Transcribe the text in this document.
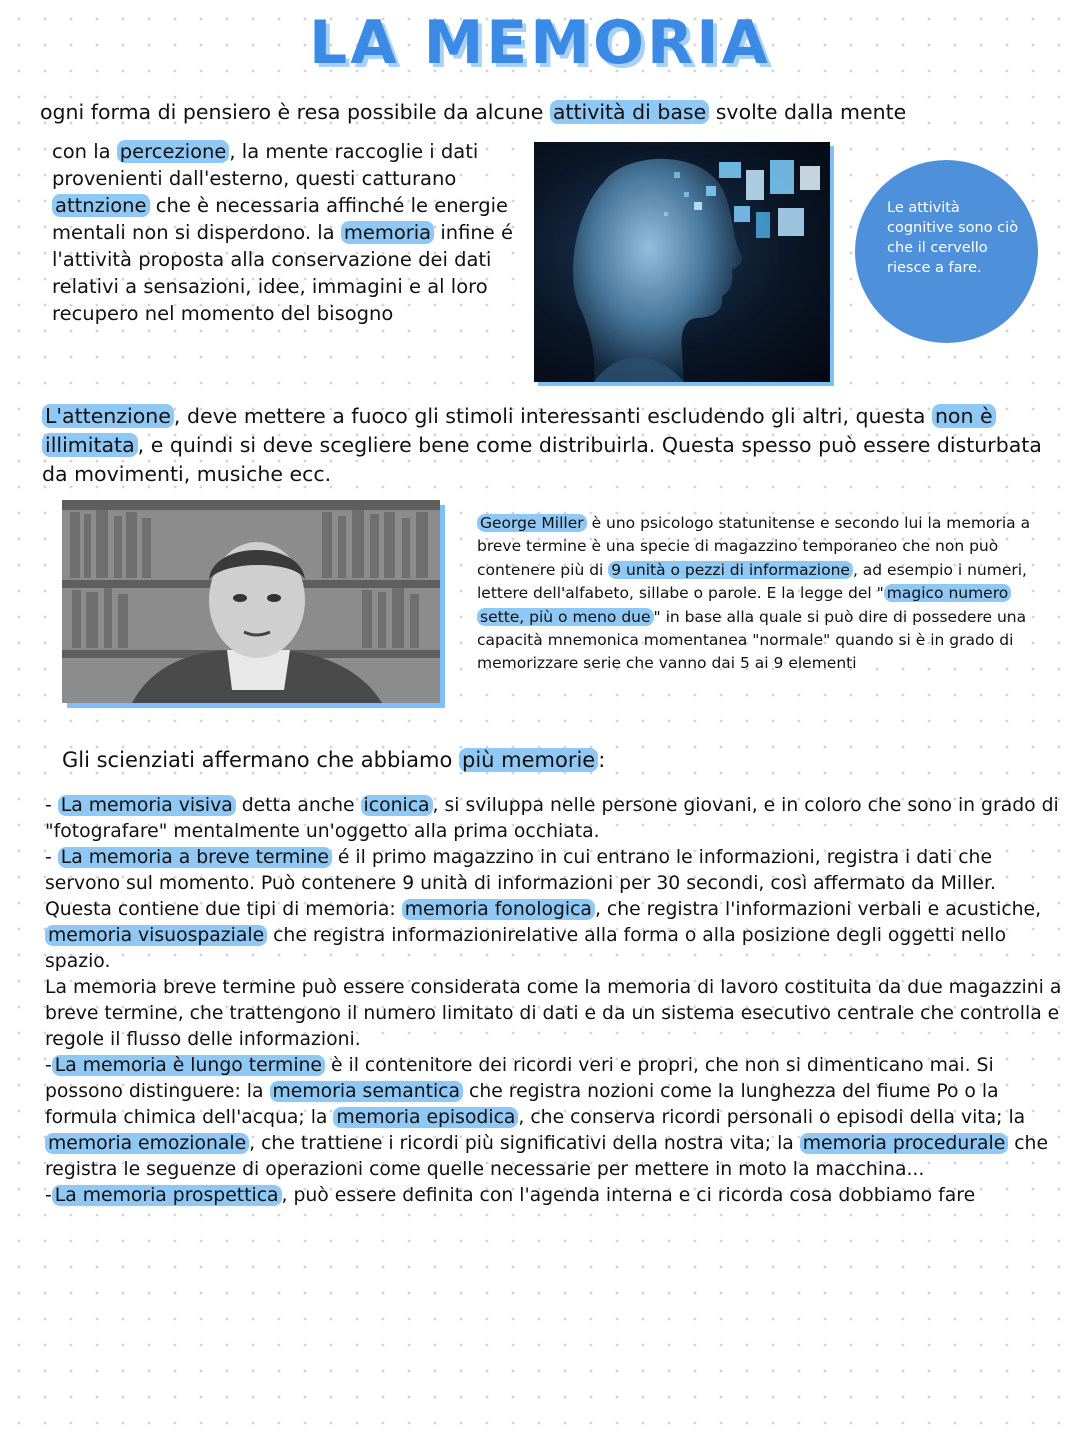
LA MEMORIA
ogni forma di pensiero è resa possibile da alcune attività di base svolte dalla mente
con la percezione , la mente raccoglie i dati provenienti dall'esterno, questi catturano attnzione che è necessaria affinché le energie mentali non si disperdono. la memoria infine é l'attività proposta alla conservazione dei dati relativi a sensazioni, idee, immagini e al loro recupero nel momento del bisogno
Le attività cognitive sono ciò che il cervello riesce a fare.
L'attenzione , deve mettere a fuoco gli stimoli interessanti escludendo gli altri, questa non è illimitata , e quindi si deve scegliere bene come distribuirla. Questa spesso può essere disturbata da movimenti, musiche ecc.
George Miller è uno psicologo statunitense e secondo lui la memoria a breve termine è una specie di magazzino temporaneo che non può contenere più di 9 unità o pezzi di informazione , ad esempio i numeri, lettere dell'alfabeto, sillabe o parole. E la legge del " magico numero sette, più o meno due " in base alla quale si può dire di possedere una capacità mnemonica momentanea "normale" quando si è in grado di memorizzare serie che vanno dai 5 ai 9 elementi
Gli scienziati affermano che abbiamo più memorie :

- La memoria visiva detta anche iconica , si sviluppa nelle persone giovani, e in coloro che sono in grado di "fotografare" mentalmente un'oggetto alla prima occhiata.

- La memoria a breve termine é il primo magazzino in cui entrano le informazioni, registra i dati che servono sul momento. Può contenere 9 unità di informazioni per 30 secondi, così affermato da Miller.

Questa contiene due tipi di memoria: memoria fonologica , che registra l'informazioni verbali e acustiche, memoria visuospaziale che registra informazionirelative alla forma o alla posizione degli oggetti nello spazio.

La memoria breve termine può essere considerata come la memoria di lavoro costituita da due magazzini a breve termine, che trattengono il numero limitato di dati e da un sistema esecutivo centrale che controlla e regole il flusso delle informazioni.

- La memoria è lungo termine è il contenitore dei ricordi veri e propri, che non si dimenticano mai. Si possono distinguere: la memoria semantica che registra nozioni come la lunghezza del fiume Po o la formula chimica dell'acqua; la memoria episodica , che conserva ricordi personali o episodi della vita; la memoria emozionale , che trattiene i ricordi più significativi della nostra vita; la memoria procedurale che registra le seguenze di operazioni come quelle necessarie per mettere in moto la macchina...

- La memoria prospettica , può essere definita con l'agenda interna e ci ricorda cosa dobbiamo fare
